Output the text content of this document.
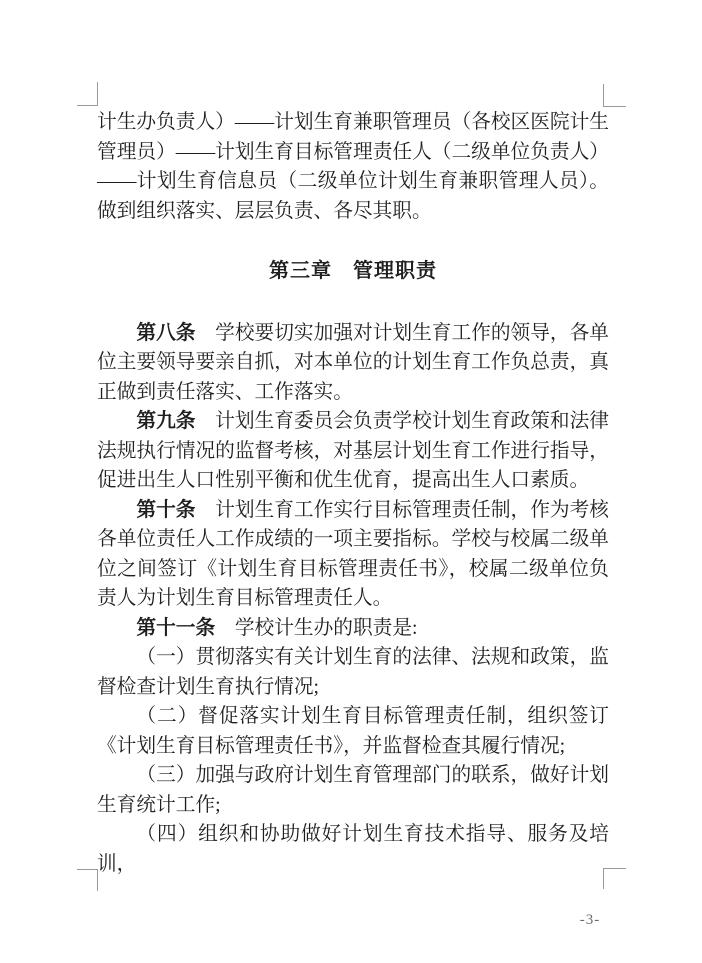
计生办负责人）——计划生育兼职管理员（各校区医院计生管理员）——计划生育目标管理责任人（二级单位负责人）——计划生育信息员（二级单位计划生育兼职管理人员）。做到组织落实、层层负责、各尽其职。

第三章　管理职责

第八条　学校要切实加强对计划生育工作的领导，各单位主要领导要亲自抓，对本单位的计划生育工作负总责，真正做到责任落实、工作落实。

第九条　计划生育委员会负责学校计划生育政策和法律法规执行情况的监督考核，对基层计划生育工作进行指导，促进出生人口性别平衡和优生优育，提高出生人口素质。

第十条　计划生育工作实行目标管理责任制，作为考核各单位责任人工作成绩的一项主要指标。学校与校属二级单位之间签订《计划生育目标管理责任书》，校属二级单位负责人为计划生育目标管理责任人。

第十一条　学校计生办的职责是:

（一）贯彻落实有关计划生育的法律、法规和政策，监督检查计划生育执行情况;

（二）督促落实计划生育目标管理责任制，组织签订《计划生育目标管理责任书》，并监督检查其履行情况;

（三）加强与政府计划生育管理部门的联系，做好计划生育统计工作;

（四）组织和协助做好计划生育技术指导、服务及培训，

-3-
